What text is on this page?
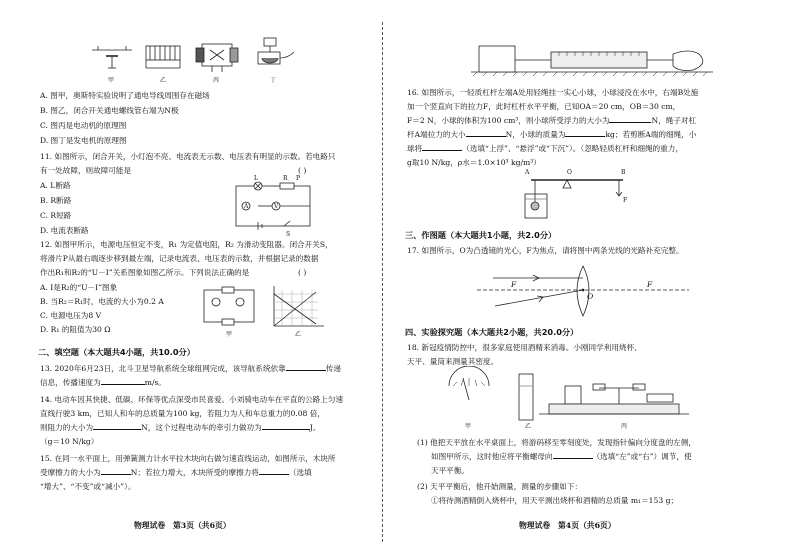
甲	乙	丙	丁
A. 图甲，奥斯特实验说明了通电导线周围存在磁场
B. 图乙，闭合开关通电螺线管右端为N极
C. 图丙是电动机的原理图
D. 图丁是发电机的原理图
11. 如图所示，闭合开关，小灯泡不亮、电流表无示数、电压表有明显的示数。若电路只
有一处故障，则故障可能是	( )
A. L断路
B. R断路
C. R短路
D. 电流表断路
L	R P
A	V
S
12. 如图甲所示，电源电压恒定不变，R₁ 为定值电阻，R₂ 为滑动变阻器。闭合开关S，
将滑片P从最右端逐步移到最左端，记录电流表、电压表的示数，并根据记录的数据
作出R₁和R₂的“U－I”关系图象如图乙所示。下列说法正确的是	( )
A. Ⅰ是R₂的“U－I”图象
B. 当R₂＝R₁时，电流的大小为0.2 A
C. 电源电压为8 V
D. R₁ 的阻值为30 Ω
甲	乙
二、填空题（本大题共4小题，共10.0分）
13. 2020年6月23日，北斗卫星导航系统全球组网完成，该导航系统依靠	传递
信息，传播速度为	m/s。
14. 电动车因其快捷、低碳、环保等优点深受市民喜爱。小刘骑电动车在平直的公路上匀速
直线行驶3 km，已知人和车的总质量为100 kg，若阻力为人和车总重力的0.08 倍，
则阻力的大小为	N，这个过程电动车的牵引力做功为	J。
（g＝10 N/kg）
15. 在同一水平面上，用弹簧测力计水平拉木块向右做匀速直线运动，如图所示，木块所
受摩擦力的大小为	N；若拉力增大，木块所受的摩擦力将	（选填
“增大”、“不变”或“减小”）。
物理试卷　第3页（共6页）
16. 如图所示，一轻质杠杆左端A处用轻绳挂一实心小球，小球浸没在水中，右端B处施
加一个竖直向下的拉力F，此时杠杆水平平衡，已知OA＝20 cm，OB＝30 cm，
F＝2 N，小球的体积为100 cm³，则小球所受浮力的大小为	N，绳子对杠
杆A端拉力的大小	N，小球的质量为	kg；若剪断A端的细绳，小
球将	（选填“上浮”、“悬浮”或“下沉”）。（忽略轻质杠杆和细绳的重力，
g取10 N/kg，ρ水＝1.0×10³ kg/m³）
A	O	B
F
三、作图题（本大题共1小题，共2.0分）
17. 如图所示，O为凸透镜的光心，F为焦点，请将图中两条光线的光路补充完整。
F
O
F
四、实验探究题（本大题共2小题，共20.0分）
18. 新冠疫情防控中，很多家庭使用酒精来消毒。小刚同学利用烧杯、
天平、量筒来测量其密度。
甲	乙	丙
(1) 他把天平放在水平桌面上，将游码移至零刻度处，发现指针偏向分度盘的左侧，
如图甲所示，这时他应将平衡螺母向	（选填“左”或“右”）调节，使
天平平衡。
(2) 天平平衡后，他开始测量，测量的步骤如下：
①将待测酒精倒入烧杯中，用天平测出烧杯和酒精的总质量 m₁＝153 g；
物理试卷　第4页（共6页）
